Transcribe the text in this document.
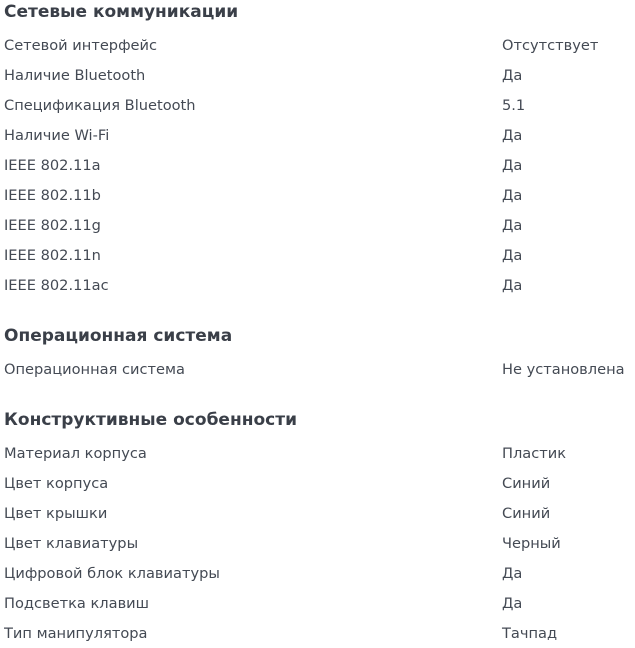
Сетевые коммуникации
Сетевой интерфейс	Отсутствует
Наличие Bluetooth	Да
Спецификация Bluetooth	5.1
Наличие Wi-Fi	Да
IEEE 802.11a	Да
IEEE 802.11b	Да
IEEE 802.11g	Да
IEEE 802.11n	Да
IEEE 802.11ac	Да
Операционная система
Операционная система	Не установлена
Конструктивные особенности
Материал корпуса	Пластик
Цвет корпуса	Синий
Цвет крышки	Синий
Цвет клавиатуры	Черный
Цифровой блок клавиатуры	Да
Подсветка клавиш	Да
Тип манипулятора	Тачпад
